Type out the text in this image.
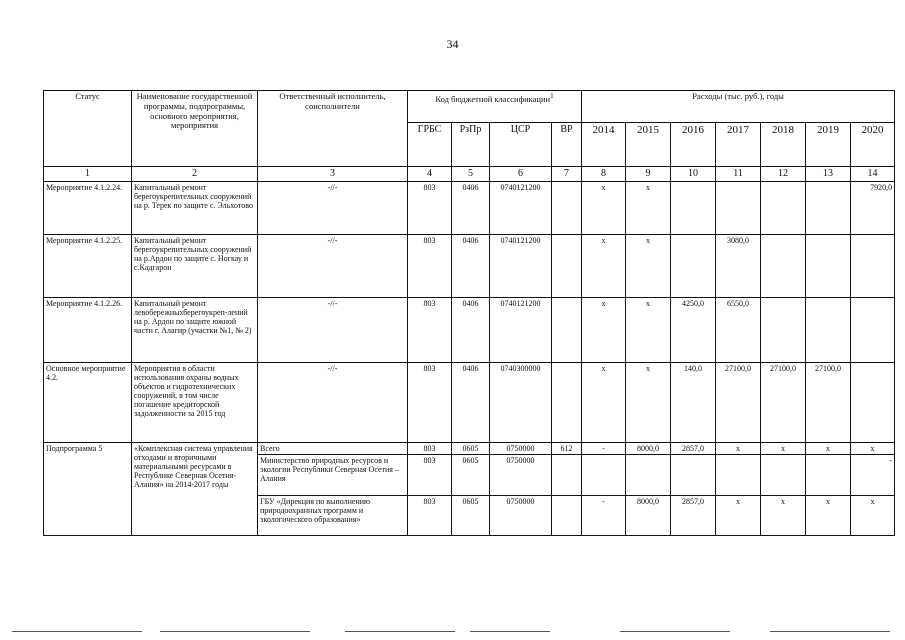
34
Статус	Наименование государственной программы, подпрограммы, основного мероприятия, мероприятия	Ответственный исполнитель, соисполнители	Код бюджетной классификации$^1$				Расходы (тыс. руб.), годы						
			ГРБС	РзПр	ЦСР	ВР	2014	2015	2016	2017	2018	2019	2020
1	2	3	4	5	6	7	8	9	10	11	12	13	14
Мероприятие 4.1.2.24.	Капитальный ремонт берегоукрепительных сооружений на р. Терек по защите с. Эльхотово	-//-	803	0406	0740121200		х	х					7920,0
Мероприятие 4.1.2.25.	Капитальный ремонт берегоукрепительных сооружений на р.Ардон по защите с. Ногкау и с.Кадгарон	-//-	803	0406	0740121200		х	х		3080,0			
Мероприятие 4.1.2.26.	Капитальный ремонт левобережныхберегоукреп-лений на р. Ардон по защите южной части г. Алагир (участки №1, № 2)	-//-	803	0406	0740121200		х	х	4250,0	6550,0			
Основное мероприятие 4.2.	Мероприятия в области использования охраны водных объектов и гидротехнических сооружений, в том числе погашение кредиторской задолженности за 2015 год	-//-	803	0406	0740300000		х	х	140,0	27100,0	27100,0	27100,0	
Подпрограмма 5	«Комплексная система управления отходами и вторичными материальными ресурсами в Республике Северная Осетия-Алания» на 2014-2017 годы	Всего	803	0605	0750000	612	-	8000,0	2857,0	х	х	х	х
		Министерство природных ресурсов и экологии Республики Северная Осетия – Алания	803	0605	0750000								-
		ГБУ «Дирекция по выполнению природоохранных программ и экологического образования»	803	0605	0750000		-	8000,0	2857,0	х	х	х	х
